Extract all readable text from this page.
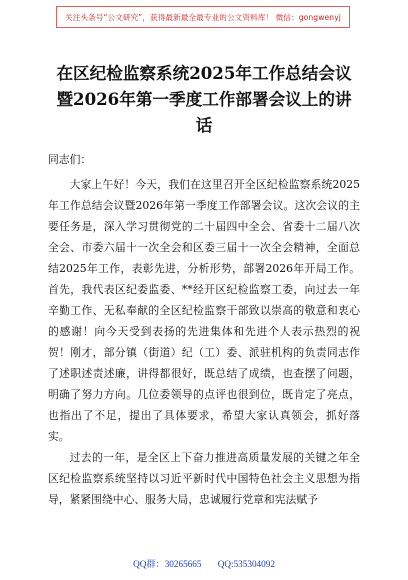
关注头条号“公文研究”，获得最新最全最专业的公文资料库！ 微信：gongwenyj
在区纪检监察系统2025年工作总结会议
暨2026年第一季度工作部署会议上的讲
话
同志们：

大家上午好！今天，我们在这里召开全区纪检监察系统2025年工作总结会议暨2026年第一季度工作部署会议。这次会议的主要任务是，深入学习贯彻党的二十届四中全会、省委十二届八次全会、市委六届十一次全会和区委三届十一次全会精神，全面总结2025年工作，表彰先进，分析形势，部署2026年开局工作。首先，我代表区纪委监委、**经开区纪检监察工委，向过去一年辛勤工作、无私奉献的全区纪检监察干部致以崇高的敬意和衷心的感谢！向今天受到表扬的先进集体和先进个人表示热烈的祝贺！刚才，部分镇（街道）纪（工）委、派驻机构的负责同志作了述职述责述廉，讲得都很好，既总结了成绩，也查摆了问题，明确了努力方向。几位委领导的点评也很到位，既肯定了亮点，也指出了不足，提出了具体要求，希望大家认真领会，抓好落实。

过去的一年，是全区上下奋力推进高质量发展的关键之年全区纪检监察系统坚持以习近平新时代中国特色社会主义思想为指导，紧紧围绕中心、服务大局，忠诚履行党章和宪法赋予

QQ群：30265665 QQ:535304092
